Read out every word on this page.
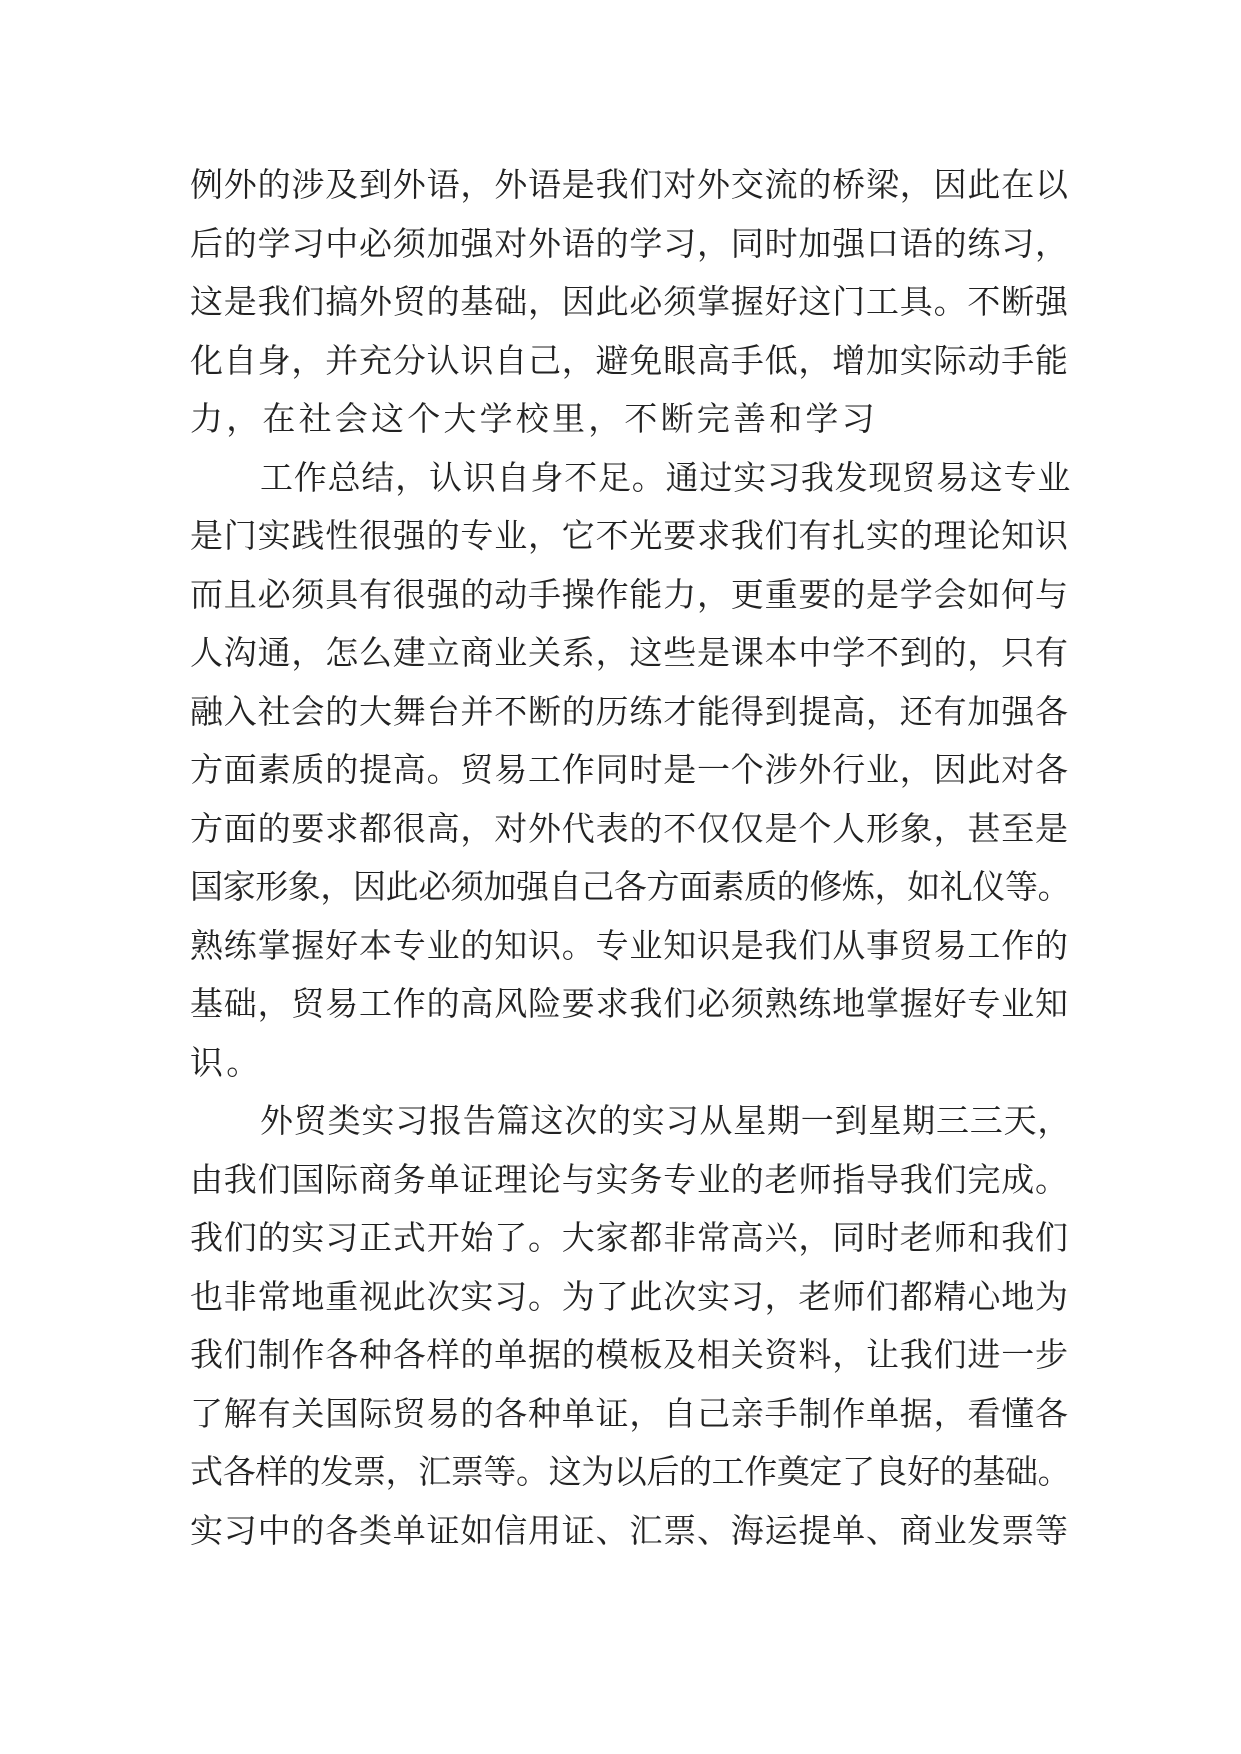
例外的涉及到外语，外语是我们对外交流的桥梁，因此在以
后的学习中必须加强对外语的学习，同时加强口语的练习，
这是我们搞外贸的基础，因此必须掌握好这门工具。不断强
化自身，并充分认识自己，避免眼高手低，增加实际动手能
力，在社会这个大学校里，不断完善和学习
工作总结，认识自身不足。通过实习我发现贸易这专业
是门实践性很强的专业，它不光要求我们有扎实的理论知识
而且必须具有很强的动手操作能力，更重要的是学会如何与
人沟通，怎么建立商业关系，这些是课本中学不到的，只有
融入社会的大舞台并不断的历练才能得到提高，还有加强各
方面素质的提高。贸易工作同时是一个涉外行业，因此对各
方面的要求都很高，对外代表的不仅仅是个人形象，甚至是
国家形象，因此必须加强自己各方面素质的修炼，如礼仪等。
熟练掌握好本专业的知识。专业知识是我们从事贸易工作的
基础，贸易工作的高风险要求我们必须熟练地掌握好专业知
识。
外贸类实习报告篇这次的实习从星期一到星期三三天，
由我们国际商务单证理论与实务专业的老师指导我们完成。
我们的实习正式开始了。大家都非常高兴，同时老师和我们
也非常地重视此次实习。为了此次实习，老师们都精心地为
我们制作各种各样的单据的模板及相关资料，让我们进一步
了解有关国际贸易的各种单证，自己亲手制作单据，看懂各
式各样的发票，汇票等。这为以后的工作奠定了良好的基础。
实习中的各类单证如信用证、汇票、海运提单、商业发票等
